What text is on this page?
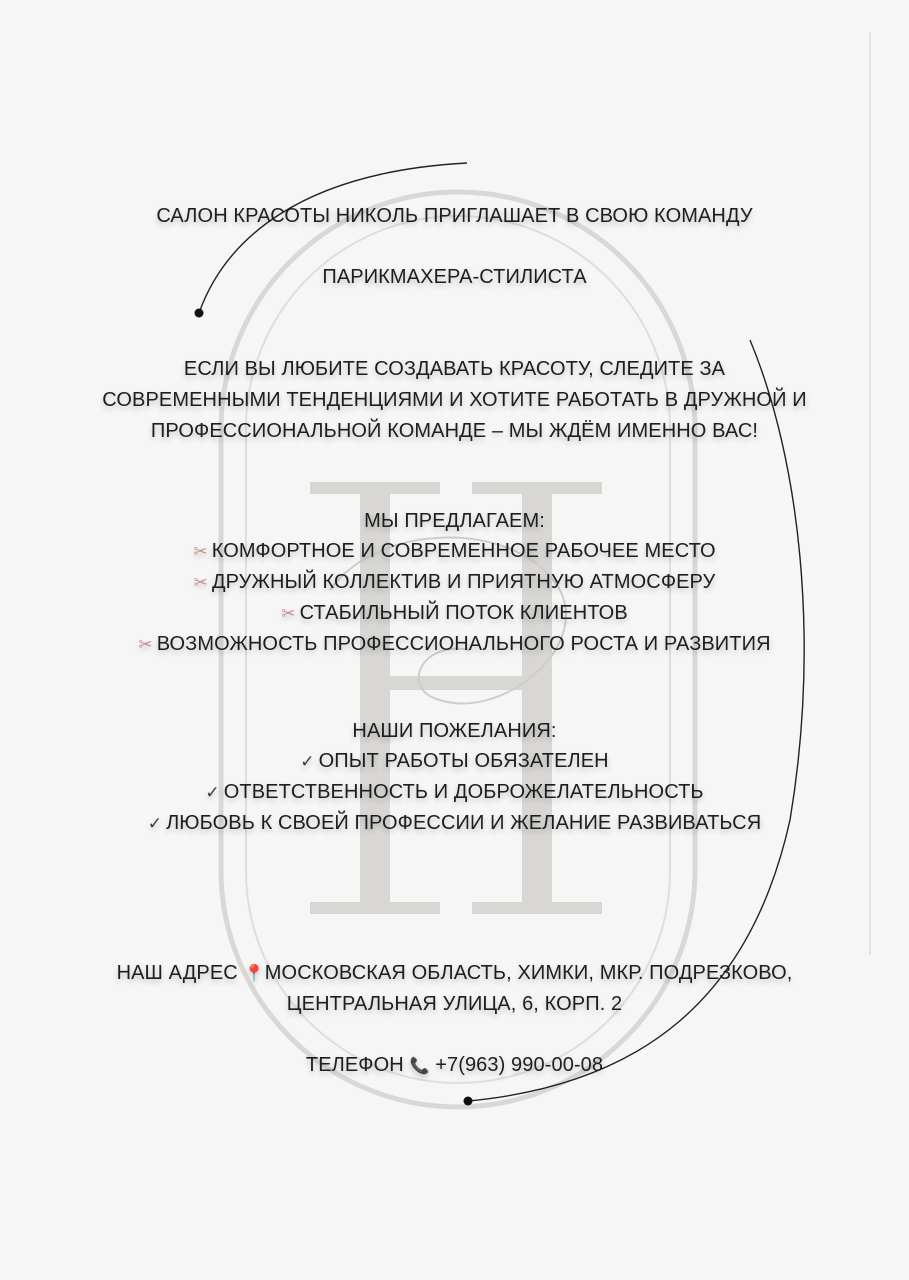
САЛОН КРАСОТЫ НИКОЛЬ ПРИГЛАШАЕТ В СВОЮ КОМАНДУ
ПАРИКМАХЕРА-СТИЛИСТА
ЕСЛИ ВЫ ЛЮБИТЕ СОЗДАВАТЬ КРАСОТУ, СЛЕДИТЕ ЗА
СОВРЕМЕННЫМИ ТЕНДЕНЦИЯМИ И ХОТИТЕ РАБОТАТЬ В ДРУЖНОЙ И
ПРОФЕССИОНАЛЬНОЙ КОМАНДЕ – МЫ ЖДЁМ ИМЕННО ВАС!
МЫ ПРЕДЛАГАЕМ:
✂ КОМФОРТНОЕ И СОВРЕМЕННОЕ РАБОЧЕЕ МЕСТО
✂ ДРУЖНЫЙ КОЛЛЕКТИВ И ПРИЯТНУЮ АТМОСФЕРУ
✂ СТАБИЛЬНЫЙ ПОТОК КЛИЕНТОВ
✂ ВОЗМОЖНОСТЬ ПРОФЕССИОНАЛЬНОГО РОСТА И РАЗВИТИЯ
НАШИ ПОЖЕЛАНИЯ:
✓ ОПЫТ РАБОТЫ ОБЯЗАТЕЛЕН
✓ ОТВЕТСТВЕННОСТЬ И ДОБРОЖЕЛАТЕЛЬНОСТЬ
✓ ЛЮБОВЬ К СВОЕЙ ПРОФЕССИИ И ЖЕЛАНИЕ РАЗВИВАТЬСЯ
НАШ АДРЕС 📍МОСКОВСКАЯ ОБЛАСТЬ, ХИМКИ, МКР. ПОДРЕЗКОВО,
ЦЕНТРАЛЬНАЯ УЛИЦА, 6, КОРП. 2
ТЕЛЕФОН 📞 +7(963) 990-00-08
